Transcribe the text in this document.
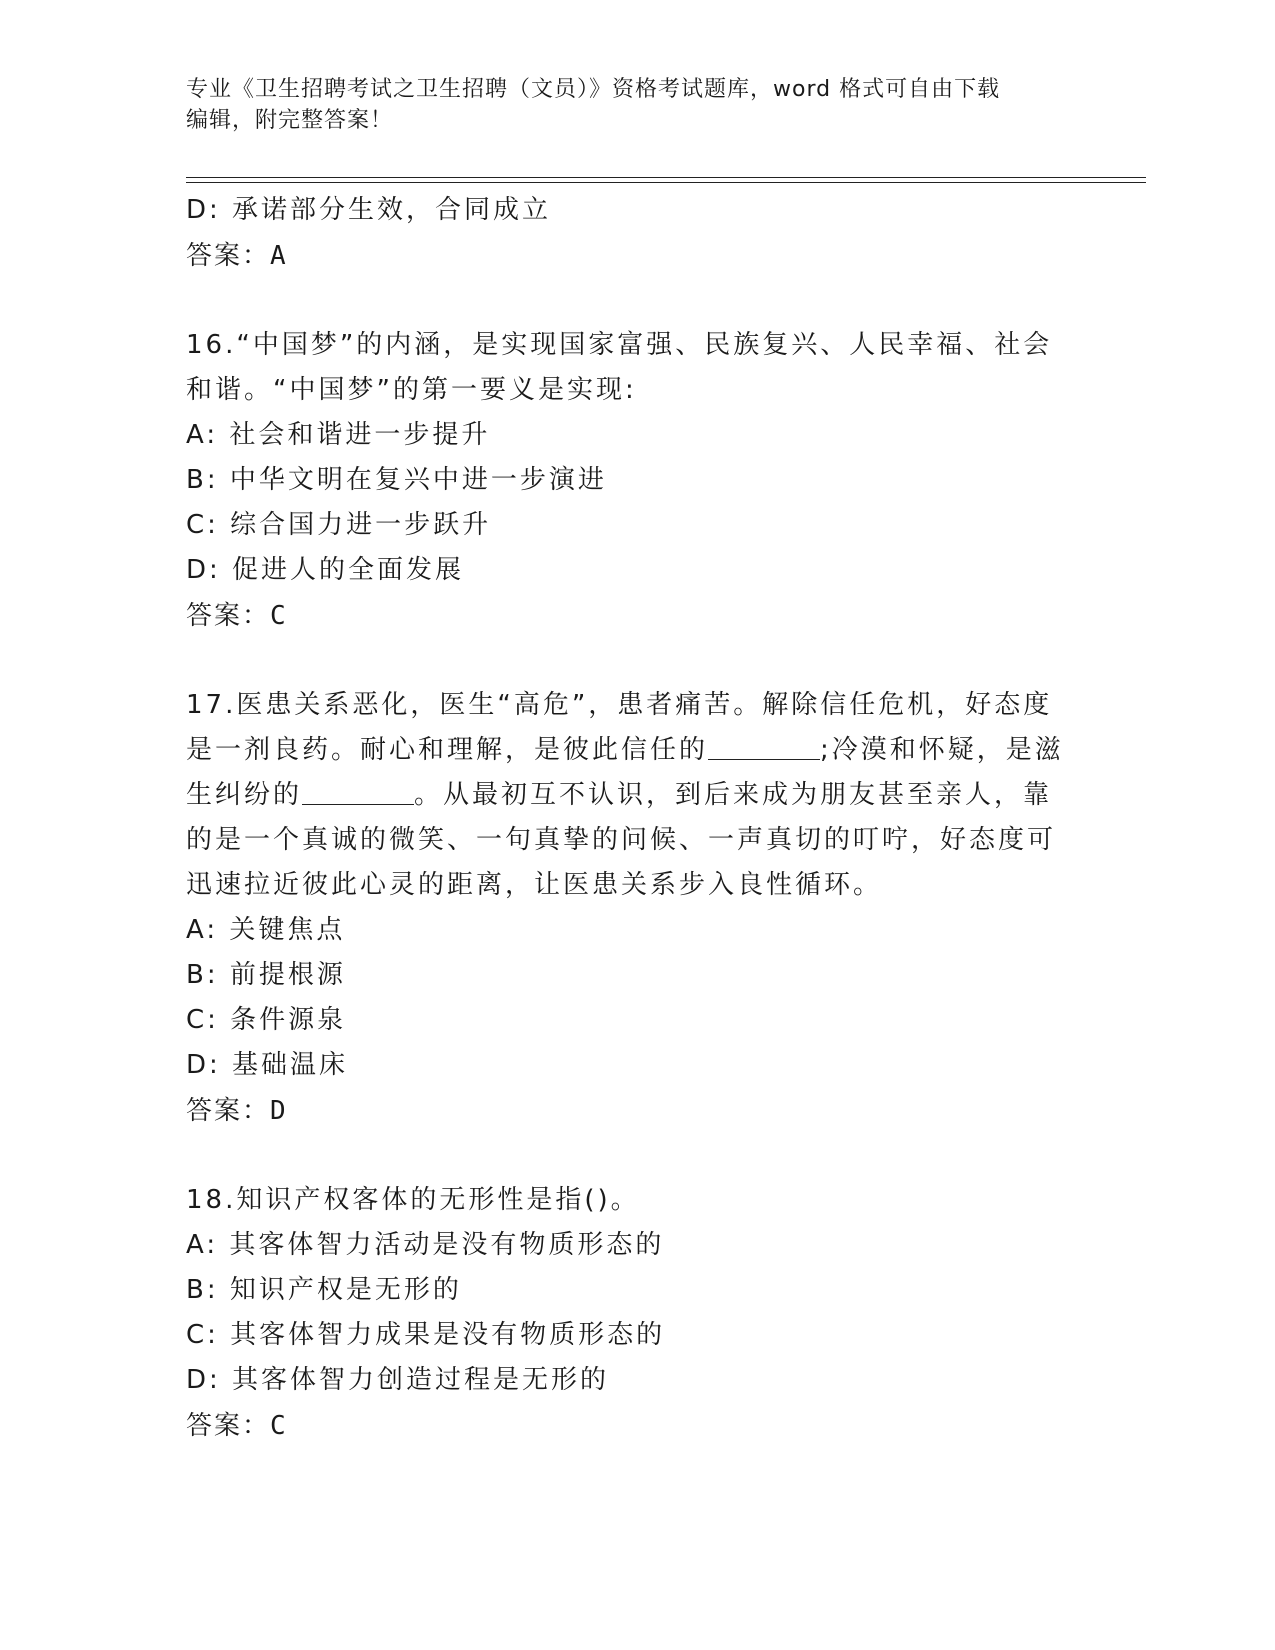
专业《卫生招聘考试之卫生招聘（文员）》资格考试题库，word 格式可自由下载
编辑，附完整答案！
D: 承诺部分生效，合同成立
答案：A
16.“中国梦”的内涵，是实现国家富强、民族复兴、人民幸福、社会
和谐。“中国梦”的第一要义是实现:
A: 社会和谐进一步提升
B: 中华文明在复兴中进一步演进
C: 综合国力进一步跃升
D: 促进人的全面发展
答案：C
17.医患关系恶化，医生“高危”，患者痛苦。解除信任危机，好态度
是一剂良药。耐心和理解，是彼此信任的	;冷漠和怀疑，是滋
生纠纷的	。从最初互不认识，到后来成为朋友甚至亲人，靠
的是一个真诚的微笑、一句真挚的问候、一声真切的叮咛，好态度可
迅速拉近彼此心灵的距离，让医患关系步入良性循环。
A: 关键焦点
B: 前提根源
C: 条件源泉
D: 基础温床
答案：D
18.知识产权客体的无形性是指()。
A: 其客体智力活动是没有物质形态的
B: 知识产权是无形的
C: 其客体智力成果是没有物质形态的
D: 其客体智力创造过程是无形的
答案：C
